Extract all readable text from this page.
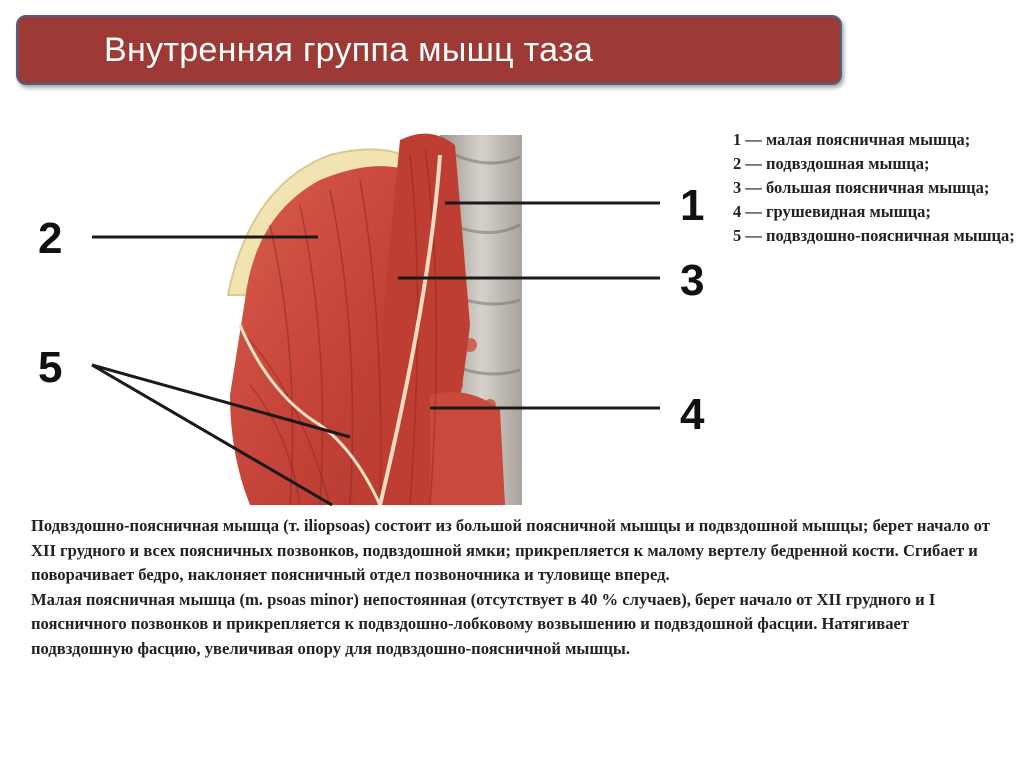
Внутренняя группа мышц таза
2
5
1
3
4
1 — малая поясничная мышца;
2 — подвздошная мышца;
3 — большая поясничная мышца;
4 — грушевидная мышца;
5 — подвздошно-поясничная мышца;

Подвздошно-поясничная мышца (т. iliopsoas) состоит из большой поясничной мышцы и подвздошной мышцы; берет начало от XII грудного и всех поясничных позвонков, подвздошной ямки; прикрепляется к малому вертелу бедренной кости. Сгибает и поворачивает бедро, наклоняет поясничный отдел позвоночника и туловище вперед.

Малая поясничная мышца (m. psoas minor) непостоянная (отсутствует в 40 % случаев), берет начало от XII грудного и I поясничного позвонков и прикрепляется к подвздошно-лобковому возвышению и подвздошной фасции. Натягивает подвздошную фасцию, увеличивая опору для подвздошно-поясничной мышцы.
